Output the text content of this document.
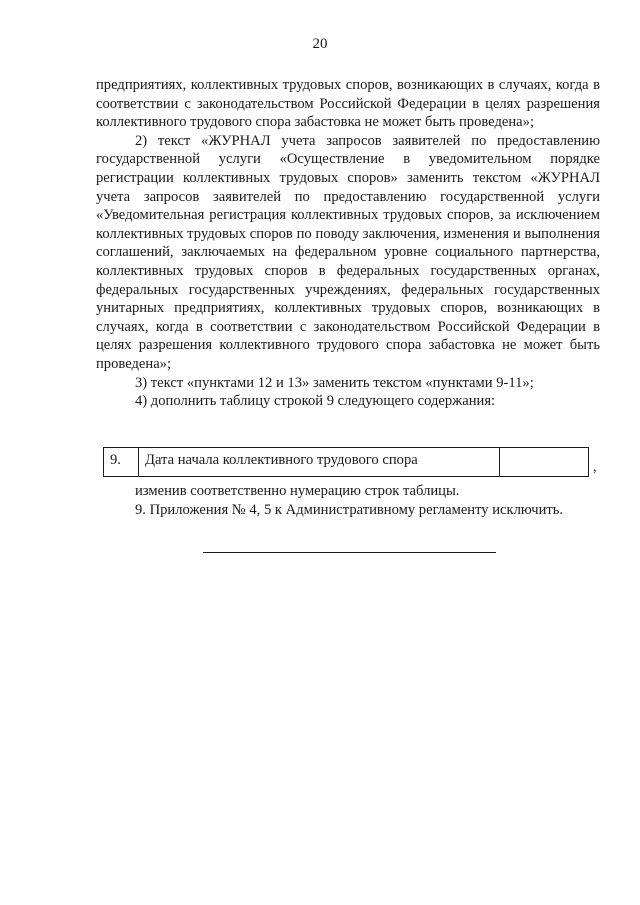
20

предприятиях, коллективных трудовых споров, возникающих в случаях, когда в соответствии с законодательством Российской Федерации в целях разрешения коллективного трудового спора забастовка не может быть проведена»;

2) текст «ЖУРНАЛ учета запросов заявителей по предоставлению государственной услуги «Осуществление в уведомительном порядке регистрации коллективных трудовых споров» заменить текстом «ЖУРНАЛ учета запросов заявителей по предоставлению государственной услуги «Уведомительная регистрация коллективных трудовых споров, за исключением коллективных трудовых споров по поводу заключения, изменения и выполнения соглашений, заключаемых на федеральном уровне социального партнерства, коллективных трудовых споров в федеральных государственных органах, федеральных государственных учреждениях, федеральных государственных унитарных предприятиях, коллективных трудовых споров, возникающих в случаях, когда в соответствии с законодательством Российской Федерации в целях разрешения коллективного трудового спора забастовка не может быть проведена»;

3) текст «пунктами 12 и 13» заменить текстом «пунктами 9-11»;

4) дополнить таблицу строкой 9 следующего содержания:

9.	Дата начала коллективного трудового спора		,

изменив соответственно нумерацию строк таблицы.

9. Приложения № 4, 5 к Административному регламенту исключить.
